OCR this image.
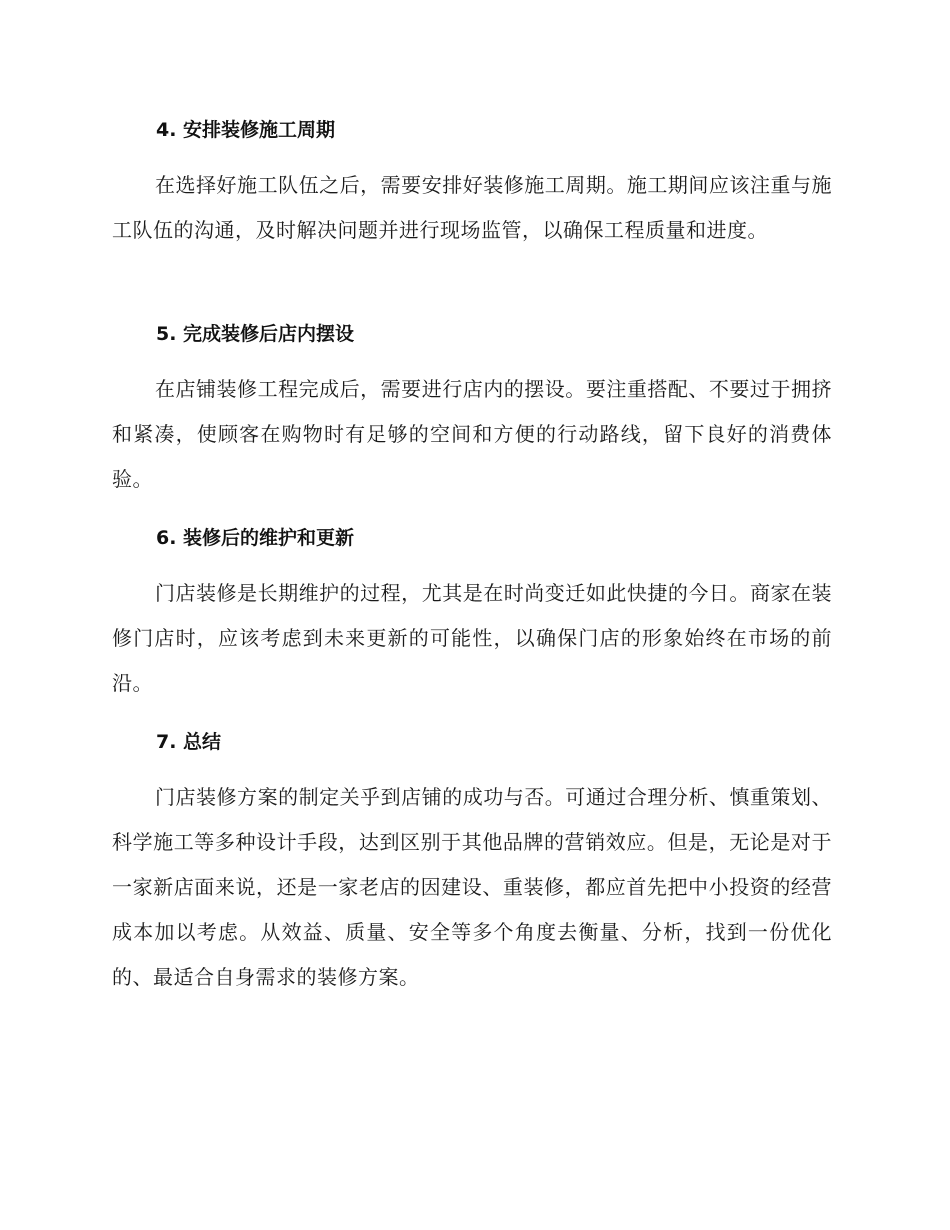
4. 安排装修施工周期

在选择好施工队伍之后，需要安排好装修施工周期。施工期间应该注重与施工队伍的沟通，及时解决问题并进行现场监管，以确保工程质量和进度。

5. 完成装修后店内摆设

在店铺装修工程完成后，需要进行店内的摆设。要注重搭配、不要过于拥挤和紧凑，使顾客在购物时有足够的空间和方便的行动路线，留下良好的消费体验。

6. 装修后的维护和更新

门店装修是长期维护的过程，尤其是在时尚变迁如此快捷的今日。商家在装修门店时，应该考虑到未来更新的可能性，以确保门店的形象始终在市场的前沿。

7. 总结

门店装修方案的制定关乎到店铺的成功与否。可通过合理分析、慎重策划、科学施工等多种设计手段，达到区别于其他品牌的营销效应。但是，无论是对于一家新店面来说，还是一家老店的因建设、重装修，都应首先把中小投资的经营成本加以考虑。从效益、质量、安全等多个角度去衡量、分析，找到一份优化的、最适合自身需求的装修方案。
